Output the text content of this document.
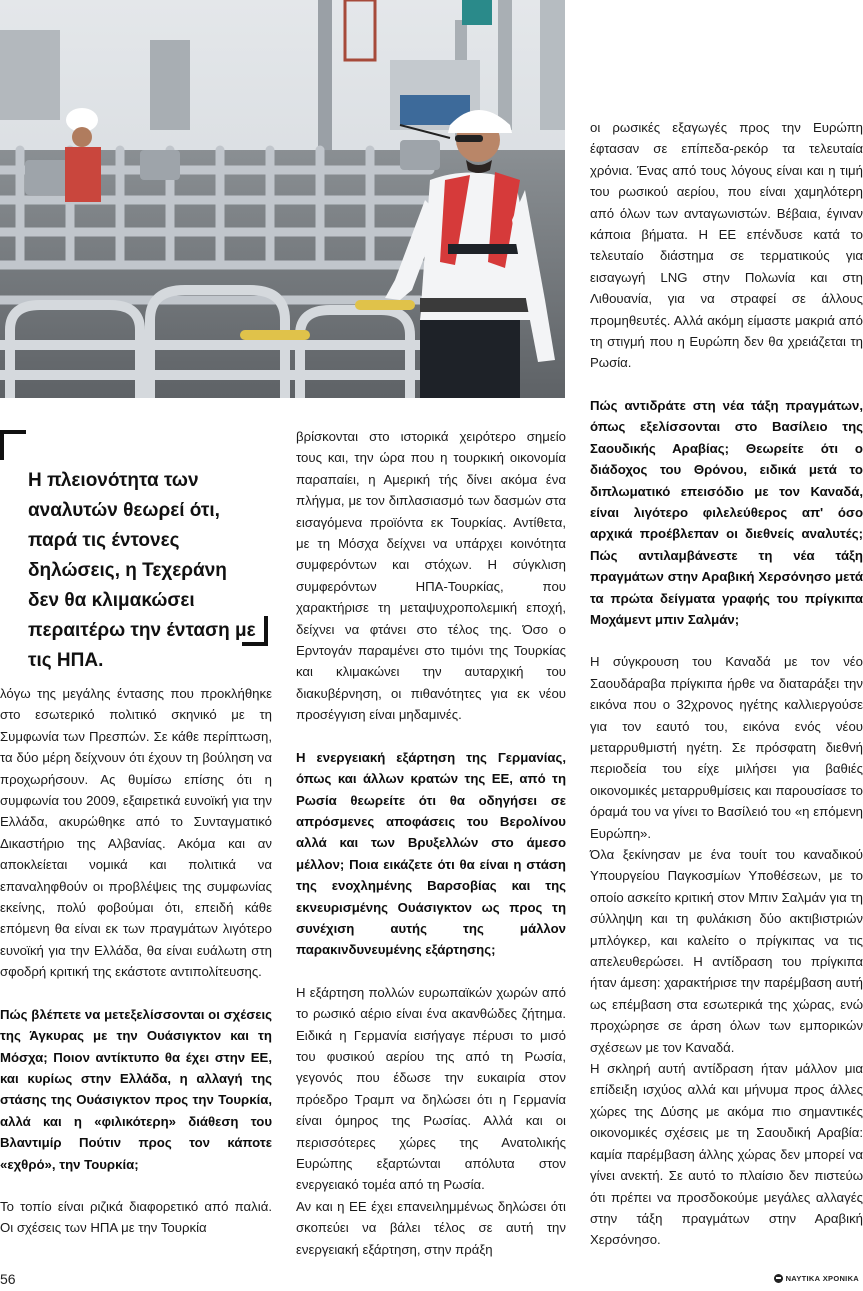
Η πλειονότητα των αναλυτών θεωρεί ότι, παρά τις έντονες δηλώσεις, η Τεχεράνη δεν θα κλιμακώσει περαιτέρω την ένταση με τις ΗΠΑ.

λόγω της μεγάλης έντασης που προκλήθηκε στο εσωτερικό πολιτικό σκηνικό με τη Συμφωνία των Πρεσπών. Σε κάθε περίπτωση, τα δύο μέρη δείχνουν ότι έχουν τη βούληση να προχωρήσουν. Ας θυμίσω επίσης ότι η συμφωνία του 2009, εξαιρετικά ευνοϊκή για την Ελλάδα, ακυρώθηκε από το Συνταγματικό Δικαστήριο της Αλβανίας. Ακόμα και αν αποκλείεται νομικά και πολιτικά να επαναληφθούν οι προβλέψεις της συμφωνίας εκείνης, πολύ φοβούμαι ότι, επειδή κάθε επόμενη θα είναι εκ των πραγμάτων λιγότερο ευνοϊκή για την Ελλάδα, θα είναι ευάλωτη στη σφοδρή κριτική της εκάστοτε αντιπολίτευσης.

Πώς βλέπετε να μετεξελίσσονται οι σχέσεις της Άγκυρας με την Ουάσιγκτον και τη Μόσχα; Ποιον αντίκτυπο θα έχει στην ΕΕ, και κυρίως στην Ελλάδα, η αλλαγή της στάσης της Ουάσιγκτον προς την Τουρκία, αλλά και η «φιλικότερη» διάθεση του Βλαντιμίρ Πούτιν προς τον κάποτε «εχθρό», την Τουρκία;

Το τοπίο είναι ριζικά διαφορετικό από παλιά. Οι σχέσεις των ΗΠΑ με την Τουρκία

βρίσκονται στο ιστορικά χειρότερο σημείο τους και, την ώρα που η τουρκική οικονομία παραπαίει, η Αμερική τής δίνει ακόμα ένα πλήγμα, με τον διπλασιασμό των δασμών στα εισαγόμενα προϊόντα εκ Τουρκίας. Αντίθετα, με τη Μόσχα δείχνει να υπάρχει κοινότητα συμφερόντων και στόχων. Η σύγκλιση συμφερόντων ΗΠΑ-Τουρκίας, που χαρακτήρισε τη μεταψυχροπολεμική εποχή, δείχνει να φτάνει στο τέλος της. Όσο ο Ερντογάν παραμένει στο τιμόνι της Τουρκίας και κλιμακώνει την αυταρχική του διακυβέρνηση, οι πιθανότητες για εκ νέου προσέγγιση είναι μηδαμινές.

Η ενεργειακή εξάρτηση της Γερμανίας, όπως και άλλων κρατών της ΕΕ, από τη Ρωσία θεωρείτε ότι θα οδηγήσει σε απρόσμενες αποφάσεις του Βερολίνου αλλά και των Βρυξελλών στο άμεσο μέλλον; Ποια εικάζετε ότι θα είναι η στάση της ενοχλημένης Βαρσοβίας και της εκνευρισμένης Ουάσιγκτον ως προς τη συνέχιση αυτής της μάλλον παρακινδυνευμένης εξάρτησης;

Η εξάρτηση πολλών ευρωπαϊκών χωρών από το ρωσικό αέριο είναι ένα ακανθώδες ζήτημα. Ειδικά η Γερμανία εισήγαγε πέρυσι το μισό του φυσικού αερίου της από τη Ρωσία, γεγονός που έδωσε την ευκαιρία στον πρόεδρο Τραμπ να δηλώσει ότι η Γερμανία είναι όμηρος της Ρωσίας. Αλλά και οι περισσότερες χώρες της Ανατολικής Ευρώπης εξαρτώνται απόλυτα στον ενεργειακό τομέα από τη Ρωσία.

Αν και η ΕΕ έχει επανειλημμένως δηλώσει ότι σκοπεύει να βάλει τέλος σε αυτή την ενεργειακή εξάρτηση, στην πράξη

οι ρωσικές εξαγωγές προς την Ευρώπη έφτασαν σε επίπεδα-ρεκόρ τα τελευταία χρόνια. Ένας από τους λόγους είναι και η τιμή του ρωσικού αερίου, που είναι χαμηλότερη από όλων των ανταγωνιστών. Βέβαια, έγιναν κάποια βήματα. Η ΕΕ επένδυσε κατά το τελευταίο διάστημα σε τερματικούς για εισαγωγή LNG στην Πολωνία και στη Λιθουανία, για να στραφεί σε άλλους προμηθευτές. Αλλά ακόμη είμαστε μακριά από τη στιγμή που η Ευρώπη δεν θα χρειάζεται τη Ρωσία.

Πώς αντιδράτε στη νέα τάξη πραγμάτων, όπως εξελίσσονται στο Βασίλειο της Σαουδικής Αραβίας; Θεωρείτε ότι ο διάδοχος του Θρόνου, ειδικά μετά το διπλωματικό επεισόδιο με τον Καναδά, είναι λιγότερο φιλελεύθερος απ' όσο αρχικά προέβλεπαν οι διεθνείς αναλυτές; Πώς αντιλαμβάνεστε τη νέα τάξη πραγμάτων στην Αραβική Χερσόνησο μετά τα πρώτα δείγματα γραφής του πρίγκιπα Μοχάμεντ μπιν Σαλμάν;

Η σύγκρουση του Καναδά με τον νέο Σαουδάραβα πρίγκιπα ήρθε να διαταράξει την εικόνα που ο 32χρονος ηγέτης καλλιεργούσε για τον εαυτό του, εικόνα ενός νέου μεταρρυθμιστή ηγέτη. Σε πρόσφατη διεθνή περιοδεία του είχε μιλήσει για βαθιές οικονομικές μεταρρυθμίσεις και παρουσίασε το όραμά του να γίνει το Βασίλειό του «η επόμενη Ευρώπη».

Όλα ξεκίνησαν με ένα τουίτ του καναδικού Υπουργείου Παγκοσμίων Υποθέσεων, με το οποίο ασκείτο κριτική στον Μπιν Σαλμάν για τη σύλληψη και τη φυλάκιση δύο ακτιβιστριών μπλόγκερ, και καλείτο ο πρίγκιπας να τις απελευθερώσει. Η αντίδραση του πρίγκιπα ήταν άμεση: χαρακτήρισε την παρέμβαση αυτή ως επέμβαση στα εσωτερικά της χώρας, ενώ προχώρησε σε άρση όλων των εμπορικών σχέσεων με τον Καναδά.

Η σκληρή αυτή αντίδραση ήταν μάλλον μια επίδειξη ισχύος αλλά και μήνυμα προς άλλες χώρες της Δύσης με ακόμα πιο σημαντικές οικονομικές σχέσεις με τη Σαουδική Αραβία: καμία παρέμβαση άλλης χώρας δεν μπορεί να γίνει ανεκτή. Σε αυτό το πλαίσιο δεν πιστεύω ότι πρέπει να προσδοκούμε μεγάλες αλλαγές στην τάξη πραγμάτων στην Αραβική Χερσόνησο.

56	ΝΑΥΤΙΚΑ ΧΡΟΝΙΚΑ
